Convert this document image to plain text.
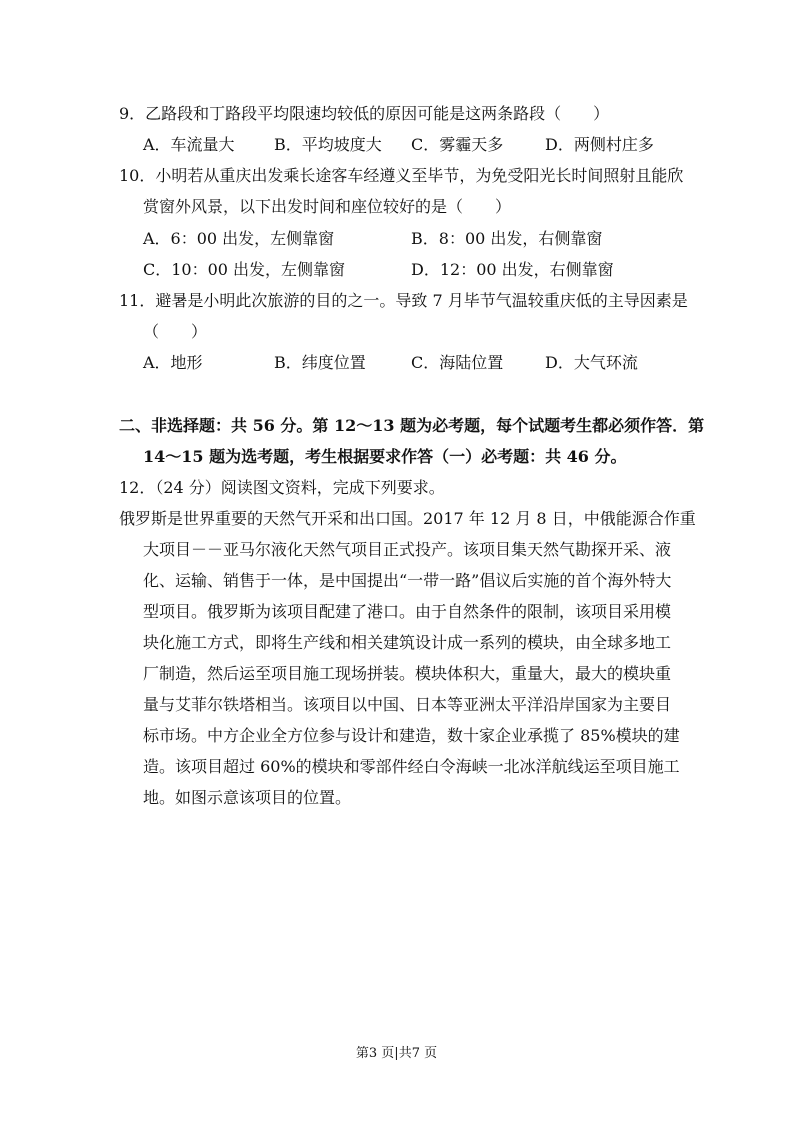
9．乙路段和丁路段平均限速均较低的原因可能是这两条路段（　　）
A．车流量大 B．平均坡度大 C．雾霾天多	D．两侧村庄多
10．小明若从重庆出发乘长途客车经遵义至毕节，为免受阳光长时间照射且能欣
赏窗外风景，以下出发时间和座位较好的是（　　）
A．6：00 出发，左侧靠窗	B．8：00 出发，右侧靠窗
C．10：00 出发，左侧靠窗	D．12：00 出发，右侧靠窗
11．避暑是小明此次旅游的目的之一。导致 7 月毕节气温较重庆低的主导因素是
（　　）
A．地形	B．纬度位置	C．海陆位置	D．大气环流
二、非选择题：共 56 分。第 12～13 题为必考题，每个试题考生都必须作答．第
14～15 题为选考题，考生根据要求作答（一）必考题：共 46 分。
12．（24 分）阅读图文资料，完成下列要求。
俄罗斯是世界重要的天然气开采和出口国。2017 年 12 月 8 日，中俄能源合作重
大项目－－亚马尔液化天然气项目正式投产。该项目集天然气勘探开采、液
化、运输、销售于一体，是中国提出“一带一路”倡议后实施的首个海外特大
型项目。俄罗斯为该项目配建了港口。由于自然条件的限制，该项目采用模
块化施工方式，即将生产线和相关建筑设计成一系列的模块，由全球多地工
厂制造，然后运至项目施工现场拼装。模块体积大，重量大，最大的模块重
量与艾菲尔铁塔相当。该项目以中国、日本等亚洲太平洋沿岸国家为主要目
标市场。中方企业全方位参与设计和建造，数十家企业承揽了 85%模块的建
造。该项目超过 60%的模块和零部件经白令海峡一北冰洋航线运至项目施工
地。如图示意该项目的位置。
第3 页|共7 页
